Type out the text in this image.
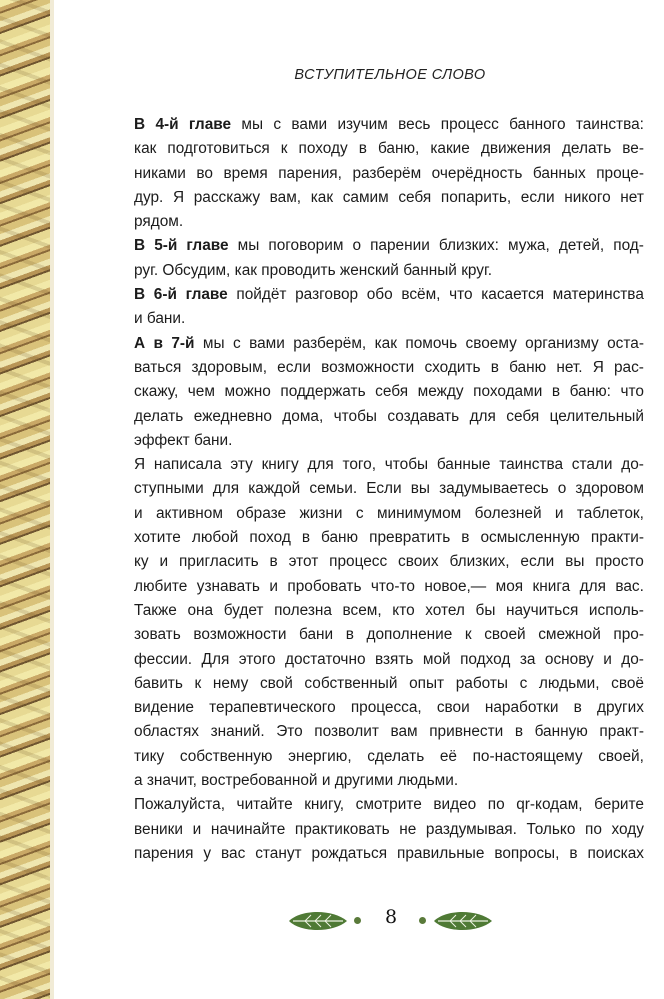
ВСТУПИТЕЛЬНОЕ СЛОВО
В 4-й главе мы с вами изучим весь процесс банного таинства:
как подготовиться к походу в баню, какие движения делать ве-
никами во время парения, разберём очерёдность банных проце-
дур. Я расскажу вам, как самим себя попарить, если никого нет
рядом.
В 5-й главе мы поговорим о парении близких: мужа, детей, под-
руг. Обсудим, как проводить женский банный круг.
В 6-й главе пойдёт разговор обо всём, что касается материнства
и бани.
А в 7-й мы с вами разберём, как помочь своему организму оста-
ваться здоровым, если возможности сходить в баню нет. Я рас-
скажу, чем можно поддержать себя между походами в баню: что
делать ежедневно дома, чтобы создавать для себя целительный
эффект бани.
Я написала эту книгу для того, чтобы банные таинства стали до-
ступными для каждой семьи. Если вы задумываетесь о здоровом
и активном образе жизни с минимумом болезней и таблеток,
хотите любой поход в баню превратить в осмысленную практи-
ку и пригласить в этот процесс своих близких, если вы просто
любите узнавать и пробовать что-то новое,— моя книга для вас.
Также она будет полезна всем, кто хотел бы научиться исполь-
зовать возможности бани в дополнение к своей смежной про-
фессии. Для этого достаточно взять мой подход за основу и до-
бавить к нему свой собственный опыт работы с людьми, своё
видение терапевтического процесса, свои наработки в других
областях знаний. Это позволит вам привнести в банную практ-
тику собственную энергию, сделать её по-настоящему своей,
а значит, востребованной и другими людьми.
Пожалуйста, читайте книгу, смотрите видео по qr-кодам, берите
веники и начинайте практиковать не раздумывая. Только по ходу
парения у вас станут рождаться правильные вопросы, в поисках
8
